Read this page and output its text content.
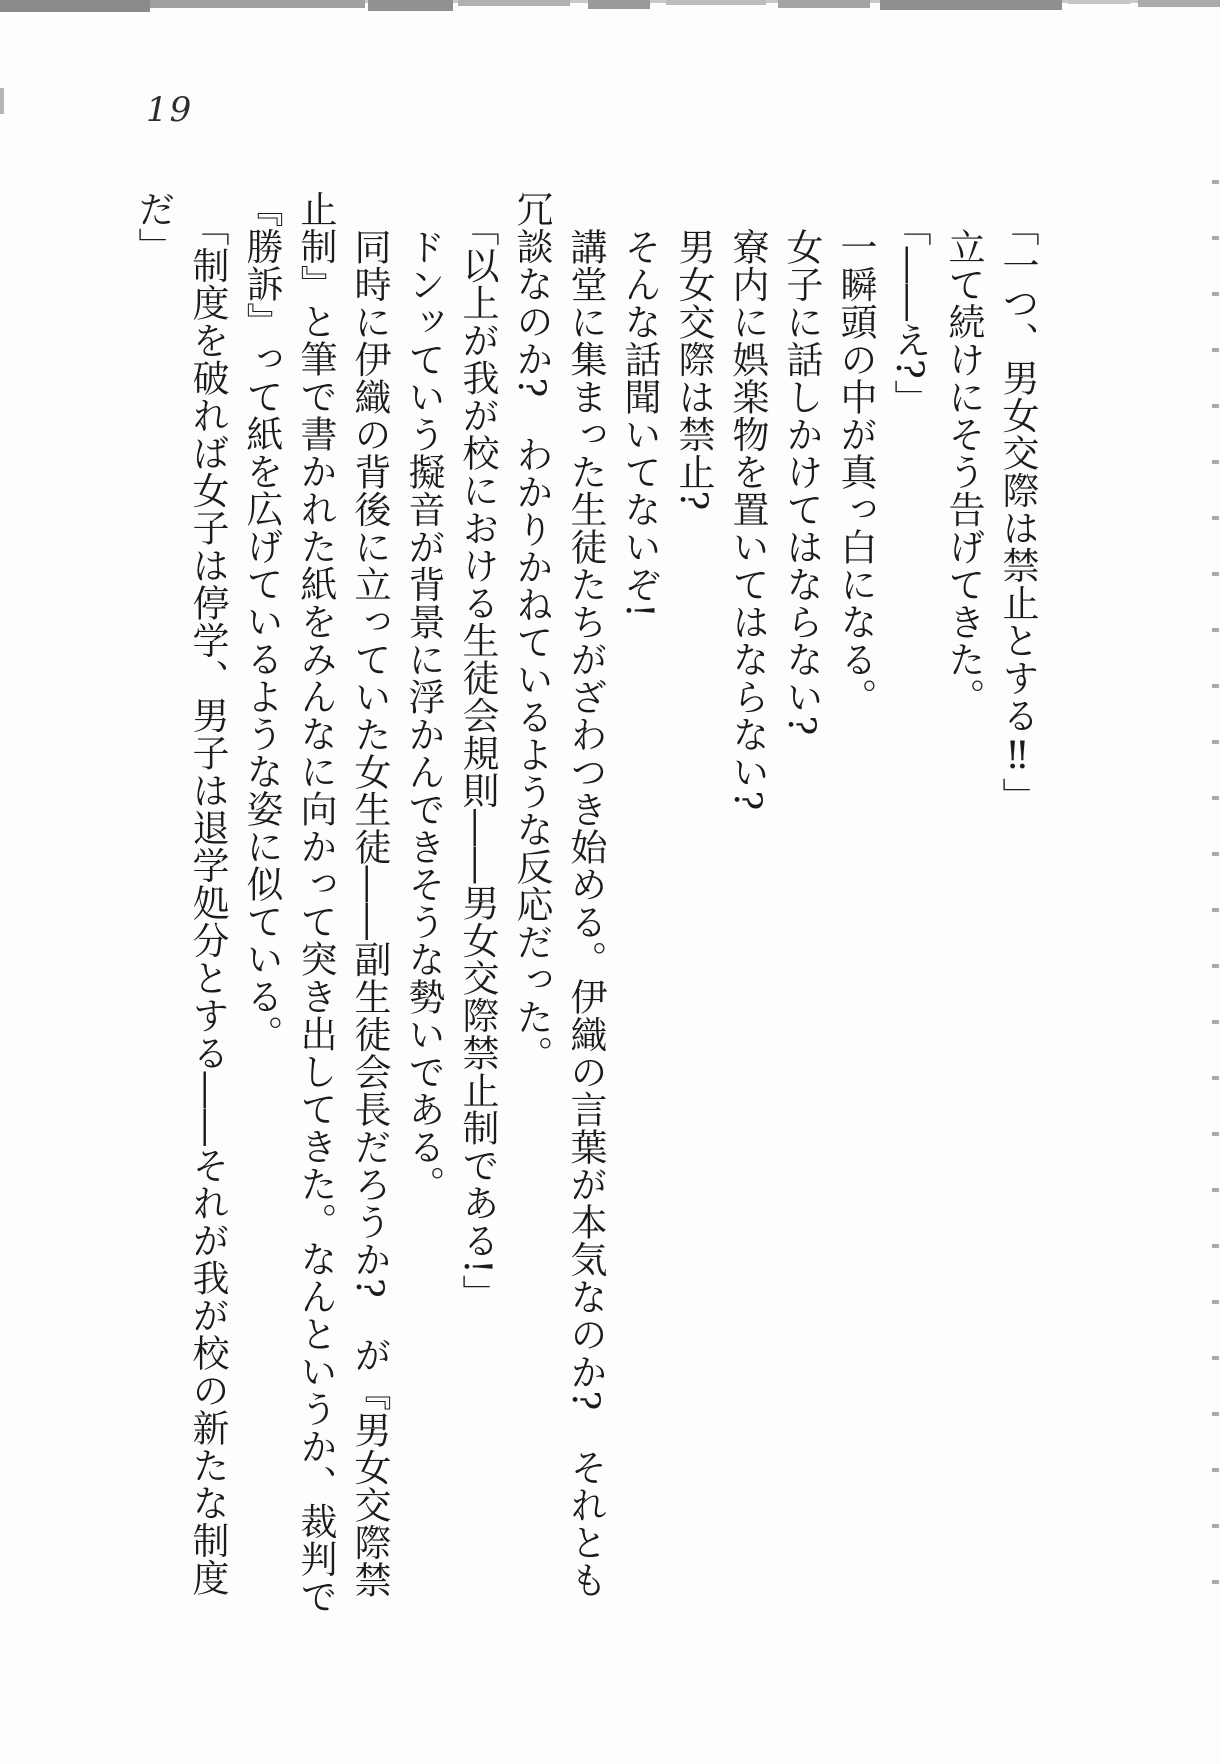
19
「一つ、男女交際は禁止とする‼」
立て続けにそう告げてきた。
「――え?」
一瞬頭の中が真っ白になる。
女子に話しかけてはならない?
寮内に娯楽物を置いてはならない?
男女交際は禁止?
そんな話聞いてないぞ!
講堂に集まった生徒たちがざわつき始める。伊織の言葉が本気なのか?　それとも
冗談なのか?　わかりかねているような反応だった。
「以上が我が校における生徒会規則――男女交際禁止制である!」
ドンッていう擬音が背景に浮かんできそうな勢いである。
同時に伊織の背後に立っていた女生徒――副生徒会長だろうか?　が『男女交際禁
止制』と筆で書かれた紙をみんなに向かって突き出してきた。なんというか、裁判で
『勝訴』って紙を広げているような姿に似ている。
「制度を破れば女子は停学、男子は退学処分とする――それが我が校の新たな制度
だ」
